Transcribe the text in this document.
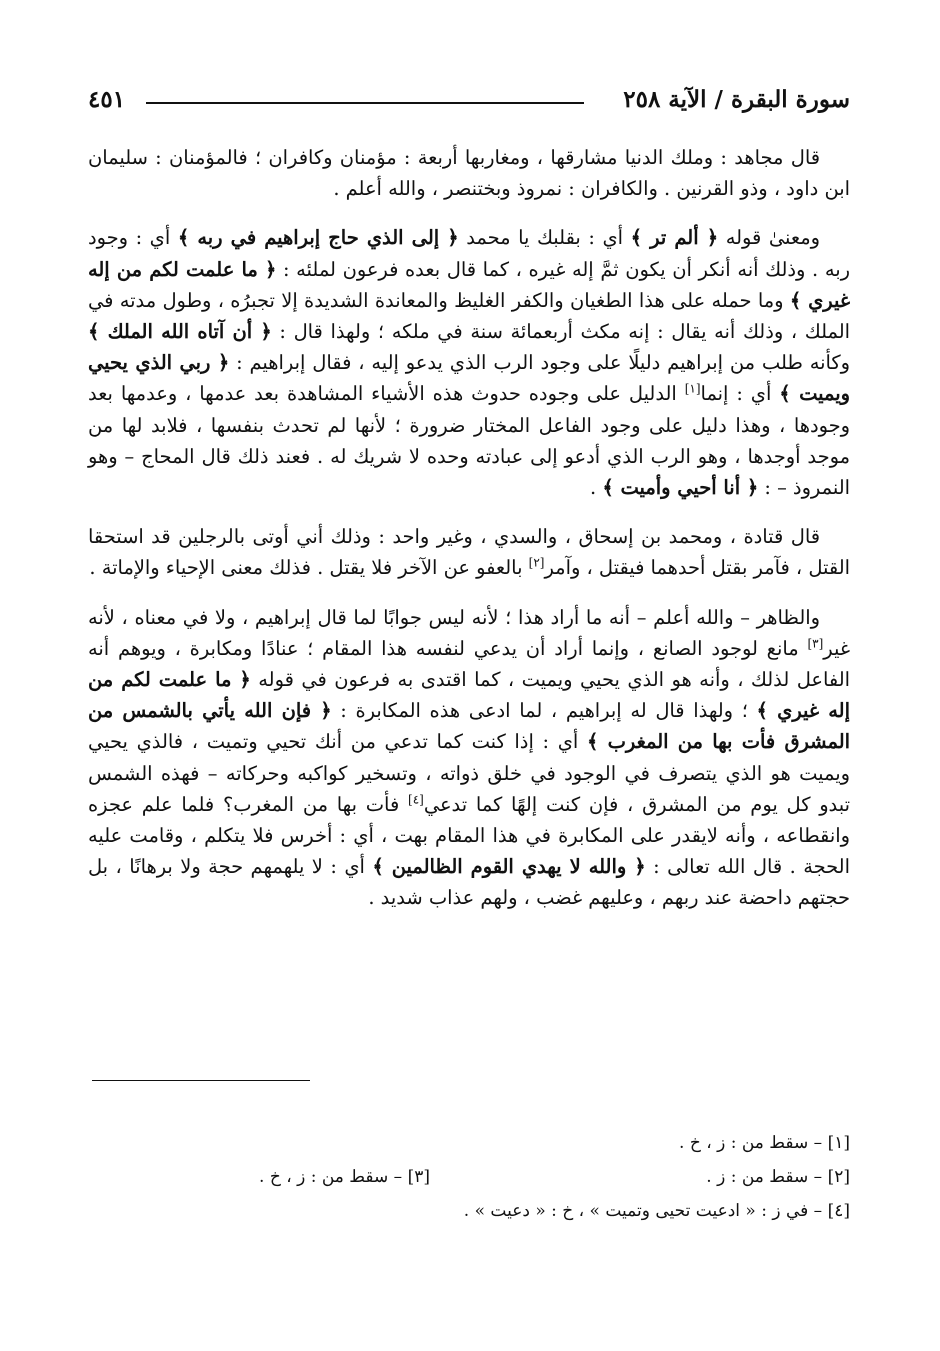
سورة البقرة / الآية ٢٥٨
٤٥١

قال مجاهد : وملك الدنيا مشارقها ، ومغاربها أربعة : مؤمنان وكافران ؛ فالمؤمنان : سليمان ابن داود ، وذو القرنين . والكافران : نمروذ وبختنصر ، والله أعلم .

ومعنىٰ قوله ﴿ ألم تر ﴾ أي : بقلبك يا محمد ﴿ إلى الذي حاج إبراهيم في ربه ﴾ أي : وجود ربه . وذلك أنه أنكر أن يكون ثمَّ إله غيره ، كما قال بعده فرعون لملئه : ﴿ ما علمت لكم من إله غيري ﴾ وما حمله على هذا الطغيان والكفر الغليظ والمعاندة الشديدة إلا تجبرُه ، وطول مدته في الملك ، وذلك أنه يقال : إنه مكث أربعمائة سنة في ملكه ؛ ولهذا قال : ﴿ أن آتاه الله الملك ﴾ وكأنه طلب من إبراهيم دليلًا على وجود الرب الذي يدعو إليه ، فقال إبراهيم : ﴿ ربي الذي يحيي ويميت ﴾ أي : إنما[١] الدليل على وجوده حدوث هذه الأشياء المشاهدة بعد عدمها ، وعدمها بعد وجودها ، وهذا دليل على وجود الفاعل المختار ضرورة ؛ لأنها لم تحدث بنفسها ، فلابد لها من موجد أوجدها ، وهو الرب الذي أدعو إلى عبادته وحده لا شريك له . فعند ذلك قال المحاج – وهو النمروذ – : ﴿ أنا أحيي وأميت ﴾ .

قال قتادة ، ومحمد بن إسحاق ، والسدي ، وغير واحد : وذلك أني أوتى بالرجلين قد استحقا القتل ، فآمر بقتل أحدهما فيقتل ، وآمر[٢] بالعفو عن الآخر فلا يقتل . فذلك معنى الإحياء والإماتة .

والظاهر – والله أعلم – أنه ما أراد هذا ؛ لأنه ليس جوابًا لما قال إبراهيم ، ولا في معناه ، لأنه غير[٣] مانع لوجود الصانع ، وإنما أراد أن يدعي لنفسه هذا المقام ؛ عنادًا ومكابرة ، ويوهم أنه الفاعل لذلك ، وأنه هو الذي يحيي ويميت ، كما اقتدى به فرعون في قوله ﴿ ما علمت لكم من إله غيري ﴾ ؛ ولهذا قال له إبراهيم ، لما ادعى هذه المكابرة : ﴿ فإن الله يأتي بالشمس من المشرق فأت بها من المغرب ﴾ أي : إذا كنت كما تدعي من أنك تحيي وتميت ، فالذي يحيي ويميت هو الذي يتصرف في الوجود في خلق ذواته ، وتسخير كواكبه وحركاته – فهذه الشمس تبدو كل يوم من المشرق ، فإن كنت إلهًا كما تدعي[٤] فأت بها من المغرب؟ فلما علم عجزه وانقطاعه ، وأنه لايقدر على المكابرة في هذا المقام بهت ، أي : أخرس فلا يتكلم ، وقامت عليه الحجة . قال الله تعالى : ﴿ والله لا يهدي القوم الظالمين ﴾ أي : لا يلهمهم حجة ولا برهانًا ، بل حجتهم داحضة عند ربهم ، وعليهم غضب ، ولهم عذاب شديد .

[١] – سقط من : ز ، خ .
[٢] – سقط من : ز .
[٣] – سقط من : ز ، خ .
[٤] – في ز : « ادعيت تحيى وتميت » ، خ : « دعيت » .
